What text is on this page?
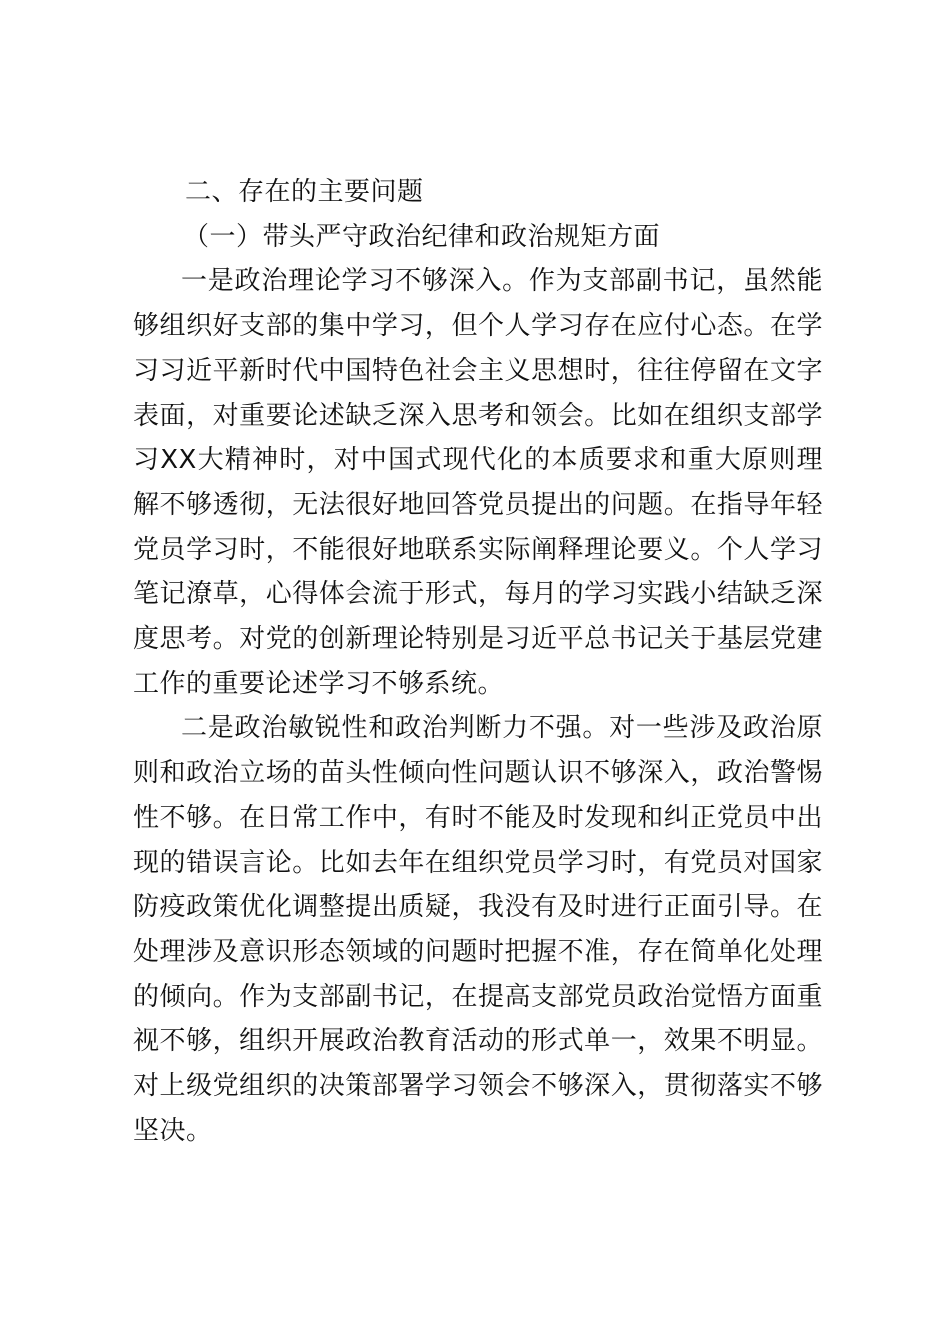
二、存在的主要问题
（一）带头严守政治纪律和政治规矩方面

一是政治理论学习不够深入。作为支部副书记，虽然能够组织好支部的集中学习，但个人学习存在应付心态。在学习习近平新时代中国特色社会主义思想时，往往停留在文字表面，对重要论述缺乏深入思考和领会。比如在组织支部学习XX大精神时，对中国式现代化的本质要求和重大原则理解不够透彻，无法很好地回答党员提出的问题。在指导年轻党员学习时，不能很好地联系实际阐释理论要义。个人学习笔记潦草，心得体会流于形式，每月的学习实践小结缺乏深度思考。对党的创新理论特别是习近平总书记关于基层党建工作的重要论述学习不够系统。

二是政治敏锐性和政治判断力不强。对一些涉及政治原则和政治立场的苗头性倾向性问题认识不够深入，政治警惕性不够。在日常工作中，有时不能及时发现和纠正党员中出现的错误言论。比如去年在组织党员学习时，有党员对国家防疫政策优化调整提出质疑，我没有及时进行正面引导。在处理涉及意识形态领域的问题时把握不准，存在简单化处理的倾向。作为支部副书记，在提高支部党员政治觉悟方面重视不够，组织开展政治教育活动的形式单一，效果不明显。对上级党组织的决策部署学习领会不够深入，贯彻落实不够坚决。
